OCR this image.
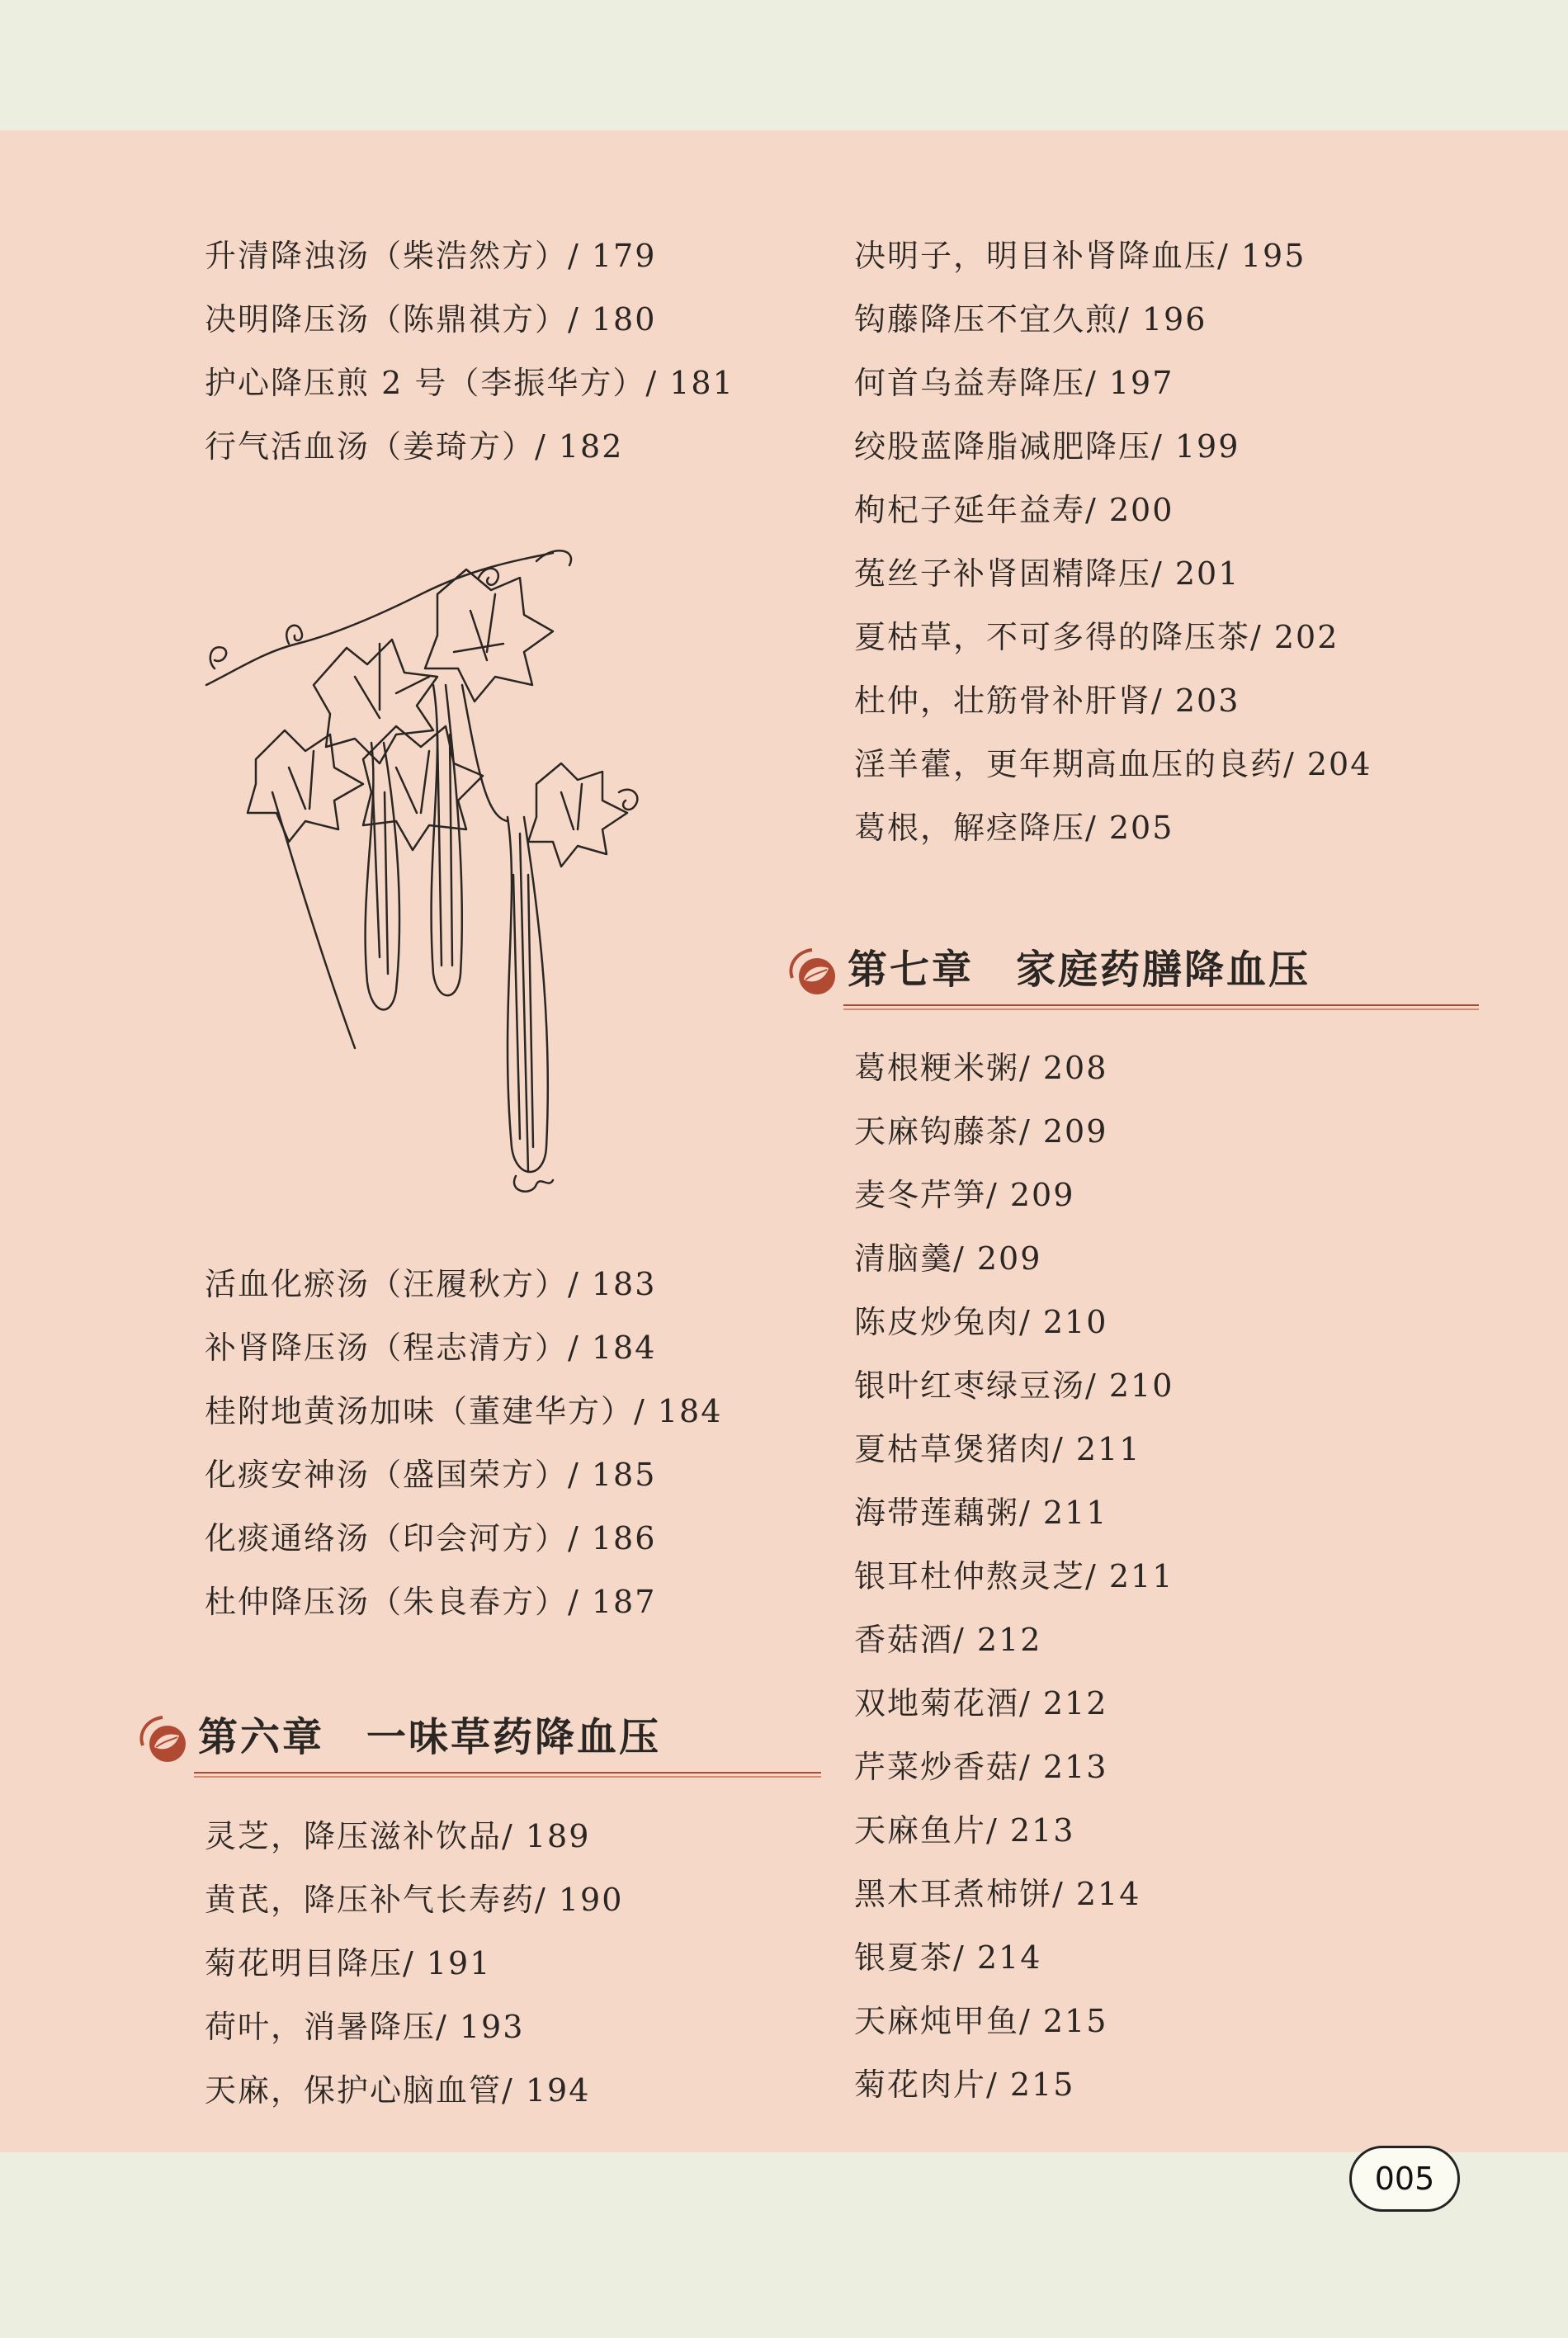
升清降浊汤（柴浩然方）/ 179
决明降压汤（陈鼎祺方）/ 180
护心降压煎 2 号（李振华方）/ 181
行气活血汤（姜琦方）/ 182
活血化瘀汤（汪履秋方）/ 183
补肾降压汤（程志清方）/ 184
桂附地黄汤加味（董建华方）/ 184
化痰安神汤（盛国荣方）/ 185
化痰通络汤（印会河方）/ 186
杜仲降压汤（朱良春方）/ 187
第六章　一味草药降血压
灵芝，降压滋补饮品/ 189
黄芪，降压补气长寿药/ 190
菊花明目降压/ 191
荷叶，消暑降压/ 193
天麻，保护心脑血管/ 194
决明子，明目补肾降血压/ 195
钩藤降压不宜久煎/ 196
何首乌益寿降压/ 197
绞股蓝降脂减肥降压/ 199
枸杞子延年益寿/ 200
菟丝子补肾固精降压/ 201
夏枯草，不可多得的降压茶/ 202
杜仲，壮筋骨补肝肾/ 203
淫羊藿，更年期高血压的良药/ 204
葛根，解痉降压/ 205
第七章　家庭药膳降血压
葛根粳米粥/ 208
天麻钩藤茶/ 209
麦冬芹笋/ 209
清脑羹/ 209
陈皮炒兔肉/ 210
银叶红枣绿豆汤/ 210
夏枯草煲猪肉/ 211
海带莲藕粥/ 211
银耳杜仲熬灵芝/ 211
香菇酒/ 212
双地菊花酒/ 212
芹菜炒香菇/ 213
天麻鱼片/ 213
黑木耳煮柿饼/ 214
银夏茶/ 214
天麻炖甲鱼/ 215
菊花肉片/ 215
005
